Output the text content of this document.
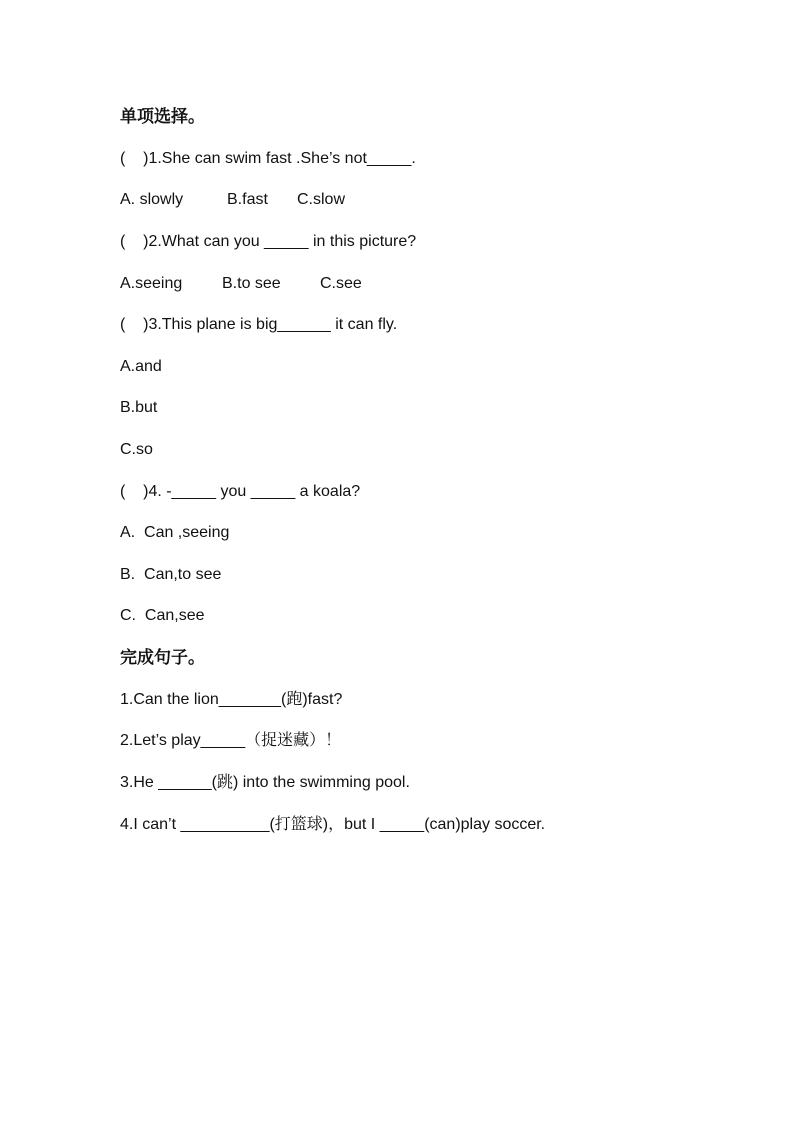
单项选择。
(    )1.She can swim fast .She’s not_____.

A. slowly

	B.fast

C.slow

(    )2.What can you _____ in this picture?

A.seeing

B.to see

C.see

(    )3.This plane is big______ it can fly.
A.and
B.but
C.so
(    )4. -_____ you _____ a koala?
A.  Can ,seeing
B.  Can,to see
C.  Can,see
完成句子。
1.Can the lion_______(跑)fast?
2.Let’s play_____（捉迷藏）！
3.He ______(跳) into the swimming pool.
4.I can’t __________(打篮球)，but I _____(can)play soccer.
